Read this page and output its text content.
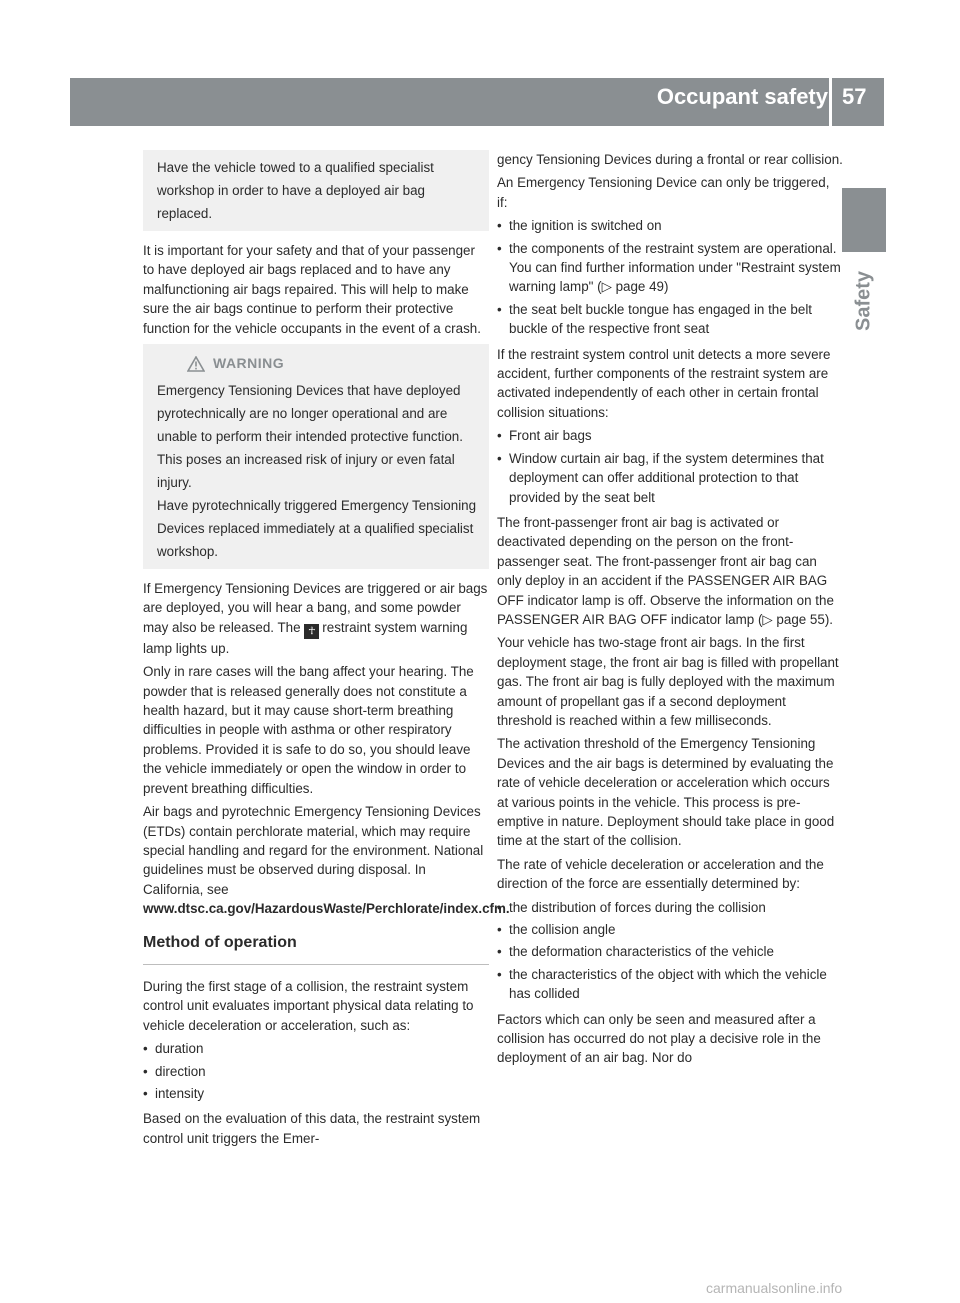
Occupant safety 57
Safety

Have the vehicle towed to a qualified specialist workshop in order to have a deployed air bag replaced.

It is important for your safety and that of your passenger to have deployed air bags replaced and to have any malfunctioning air bags repaired. This will help to make sure the air bags continue to perform their protective function for the vehicle occupants in the event of a crash.

WARNING

Emergency Tensioning Devices that have deployed pyrotechnically are no longer operational and are unable to perform their intended protective function. This poses an increased risk of injury or even fatal injury.

Have pyrotechnically triggered Emergency Tensioning Devices replaced immediately at a qualified specialist workshop.

If Emergency Tensioning Devices are triggered or air bags are deployed, you will hear a bang, and some powder may also be released. The ☥ restraint system warning lamp lights up.

Only in rare cases will the bang affect your hearing. The powder that is released generally does not constitute a health hazard, but it may cause short-term breathing difficulties in people with asthma or other respiratory problems. Provided it is safe to do so, you should leave the vehicle immediately or open the window in order to prevent breathing difficulties.

Air bags and pyrotechnic Emergency Tensioning Devices (ETDs) contain perchlorate material, which may require special handling and regard for the environment. National guidelines must be observed during disposal. In California, see www.dtsc.ca.gov/HazardousWaste/Perchlorate/index.cfm.

Method of operation

During the first stage of a collision, the restraint system control unit evaluates important physical data relating to vehicle deceleration or acceleration, such as:

• duration
• direction
• intensity

Based on the evaluation of this data, the restraint system control unit triggers the Emer-

gency Tensioning Devices during a frontal or rear collision.

An Emergency Tensioning Device can only be triggered, if:

• the ignition is switched on
• the components of the restraint system are operational. You can find further information under "Restraint system warning lamp" (▷ page 49)
• the seat belt buckle tongue has engaged in the belt buckle of the respective front seat

If the restraint system control unit detects a more severe accident, further components of the restraint system are activated independently of each other in certain frontal collision situations:

• Front air bags
• Window curtain air bag, if the system determines that deployment can offer additional protection to that provided by the seat belt

The front-passenger front air bag is activated or deactivated depending on the person on the front-passenger seat. The front-passenger front air bag can only deploy in an accident if the PASSENGER AIR BAG OFF indicator lamp is off. Observe the information on the PASSENGER AIR BAG OFF indicator lamp (▷ page 55).

Your vehicle has two-stage front air bags. In the first deployment stage, the front air bag is filled with propellant gas. The front air bag is fully deployed with the maximum amount of propellant gas if a second deployment threshold is reached within a few milliseconds.

The activation threshold of the Emergency Tensioning Devices and the air bags is determined by evaluating the rate of vehicle deceleration or acceleration which occurs at various points in the vehicle. This process is pre-emptive in nature. Deployment should take place in good time at the start of the collision.

The rate of vehicle deceleration or acceleration and the direction of the force are essentially determined by:

• the distribution of forces during the collision
• the collision angle
• the deformation characteristics of the vehicle
• the characteristics of the object with which the vehicle has collided

Factors which can only be seen and measured after a collision has occurred do not play a decisive role in the deployment of an air bag. Nor do

carmanualsonline.info
